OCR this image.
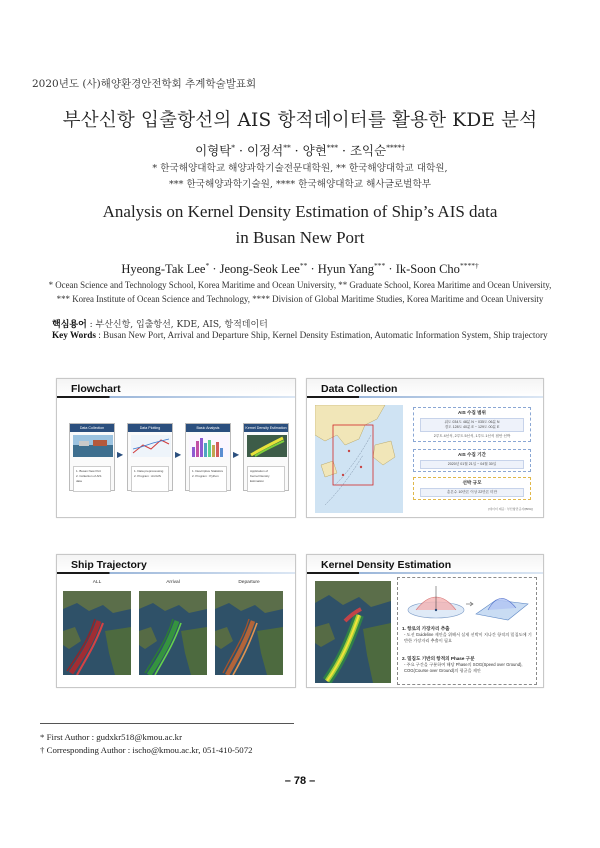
2020년도 (사)해양환경안전학회 추계학술발표회
부산신항 입출항선의 AIS 항적데이터를 활용한 KDE 분석
이형탁* · 이정석** · 양현*** · 조익순****†
* 한국해양대학교 해양과학기술전문대학원, ** 한국해양대학교 대학원,
*** 한국해양과학기술원, **** 한국해양대학교 해사글로벌학부
Analysis on Kernel Density Estimation of Ship’s AIS data
in Busan New Port
Hyeong-Tak Lee* · Jeong-Seok Lee** · Hyun Yang*** · Ik-Soon Cho****†
* Ocean Science and Technology School, Korea Maritime and Ocean University, ** Graduate School, Korea Maritime and Ocean University,
*** Korea Institute of Ocean Science and Technology, **** Division of Global Maritime Studies, Korea Maritime and Ocean University
핵심용어 : 부산신항, 입출항선, KDE, AIS, 항적데이터
Key Words : Busan New Port, Arrival and Departure Ship, Kernel Density Estimation, Automatic Information System, Ship trajectory
Flowchart
Data Collection
1. Busan New Port
2. Collection of AIS data
▶
Data Plotting
1. Data preprocessing
2. Program : ArcGIS
▶
Basic Analysis
1. Descriptive Statistics
2. Program : Python
▶
Kernel Density Estimation
Application of
Kernel Density Estimation
Data Collection
AIS 수집 범위
위도 034도 48분 N ~ 035도 06분 N
경도 128도 40분 E ~ 129도 00분 E
2루트 4선석, 2루트 5선석, 1루트 1선석 접안 선박
AIS 수집 기간
2020년 01월 21일 ~ 04월 30일
선박 규모
총톤수 10만톤 이상 22만톤 미만
[데이터 제공 : 부산항만공사(BPA)]
Ship Trajectory
ALL	Arrival	Departure
Kernel Density Estimation
1. 항로의 가장자리 추출
- 도선 Guideline 제안을 위해서 실제 선박이 지나간 항적의 밀집도에 기반한 가장자리 추출이 필요
2. 밀집도 기반의 항적의 Phase 구분
- 주요 구간을 구분하여 해당 Phase의 SOG(Speed over Ground), COG(Course over Ground)의 평균을 제안
* First Author : gudxkr518@kmou.ac.kr
† Corresponding Author : ischo@kmou.ac.kr, 051-410-5072
– 78 –
